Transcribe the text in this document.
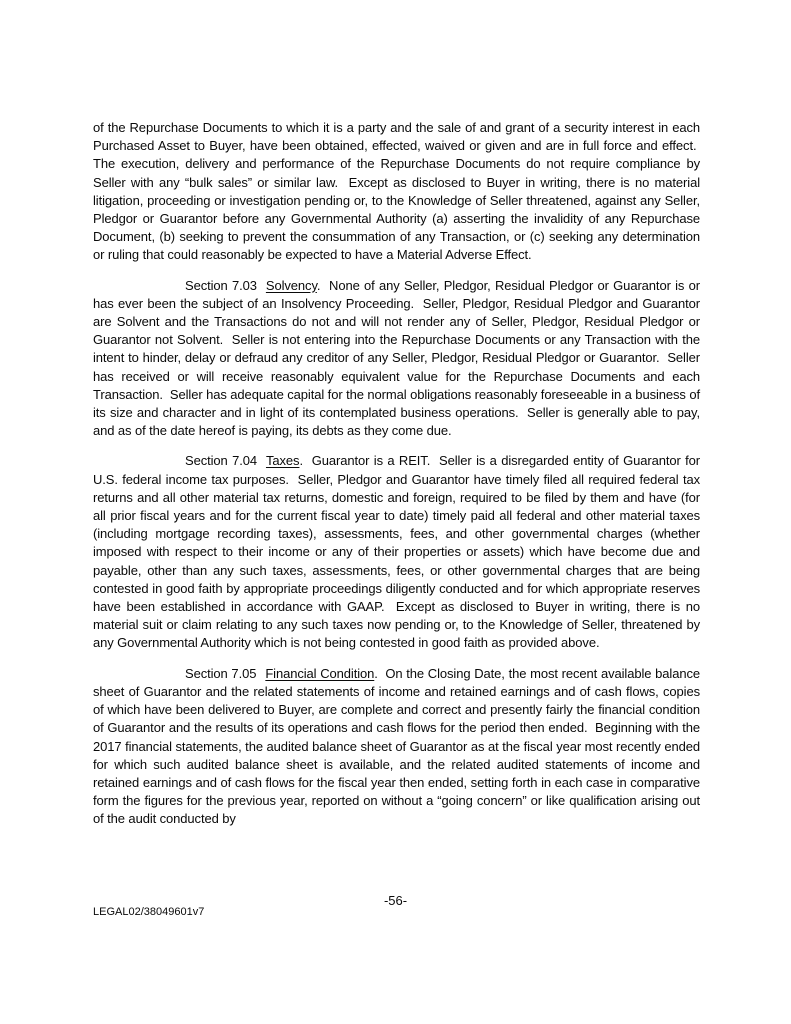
of the Repurchase Documents to which it is a party and the sale of and grant of a security interest in each Purchased Asset to Buyer, have been obtained, effected, waived or given and are in full force and effect.  The execution, delivery and performance of the Repurchase Documents do not require compliance by Seller with any “bulk sales” or similar law.  Except as disclosed to Buyer in writing, there is no material litigation, proceeding or investigation pending or, to the Knowledge of Seller threatened, against any Seller, Pledgor or Guarantor before any Governmental Authority (a) asserting the invalidity of any Repurchase Document, (b) seeking to prevent the consummation of any Transaction, or (c) seeking any determination or ruling that could reasonably be expected to have a Material Adverse Effect.

Section 7.03 Solvency.  None of any Seller, Pledgor, Residual Pledgor or Guarantor is or has ever been the subject of an Insolvency Proceeding.  Seller, Pledgor, Residual Pledgor and Guarantor are Solvent and the Transactions do not and will not render any of Seller, Pledgor, Residual Pledgor or Guarantor not Solvent.  Seller is not entering into the Repurchase Documents or any Transaction with the intent to hinder, delay or defraud any creditor of any Seller, Pledgor, Residual Pledgor or Guarantor.  Seller has received or will receive reasonably equivalent value for the Repurchase Documents and each Transaction.  Seller has adequate capital for the normal obligations reasonably foreseeable in a business of its size and character and in light of its contemplated business operations.  Seller is generally able to pay, and as of the date hereof is paying, its debts as they come due.

Section 7.04 Taxes.  Guarantor is a REIT.  Seller is a disregarded entity of Guarantor for U.S. federal income tax purposes.  Seller, Pledgor and Guarantor have timely filed all required federal tax returns and all other material tax returns, domestic and foreign, required to be filed by them and have (for all prior fiscal years and for the current fiscal year to date) timely paid all federal and other material taxes (including mortgage recording taxes), assessments, fees, and other governmental charges (whether imposed with respect to their income or any of their properties or assets) which have become due and payable, other than any such taxes, assessments, fees, or other governmental charges that are being contested in good faith by appropriate proceedings diligently conducted and for which appropriate reserves have been established in accordance with GAAP.  Except as disclosed to Buyer in writing, there is no material suit or claim relating to any such taxes now pending or, to the Knowledge of Seller, threatened by any Governmental Authority which is not being contested in good faith as provided above.

Section 7.05 Financial Condition.  On the Closing Date, the most recent available balance sheet of Guarantor and the related statements of income and retained earnings and of cash flows, copies of which have been delivered to Buyer, are complete and correct and presently fairly the financial condition of Guarantor and the results of its operations and cash flows for the period then ended.  Beginning with the 2017 financial statements, the audited balance sheet of Guarantor as at the fiscal year most recently ended for which such audited balance sheet is available, and the related audited statements of income and retained earnings and of cash flows for the fiscal year then ended, setting forth in each case in comparative form the figures for the previous year, reported on without a “going concern” or like qualification arising out of the audit conducted by

-56-
LEGAL02/38049601v7
